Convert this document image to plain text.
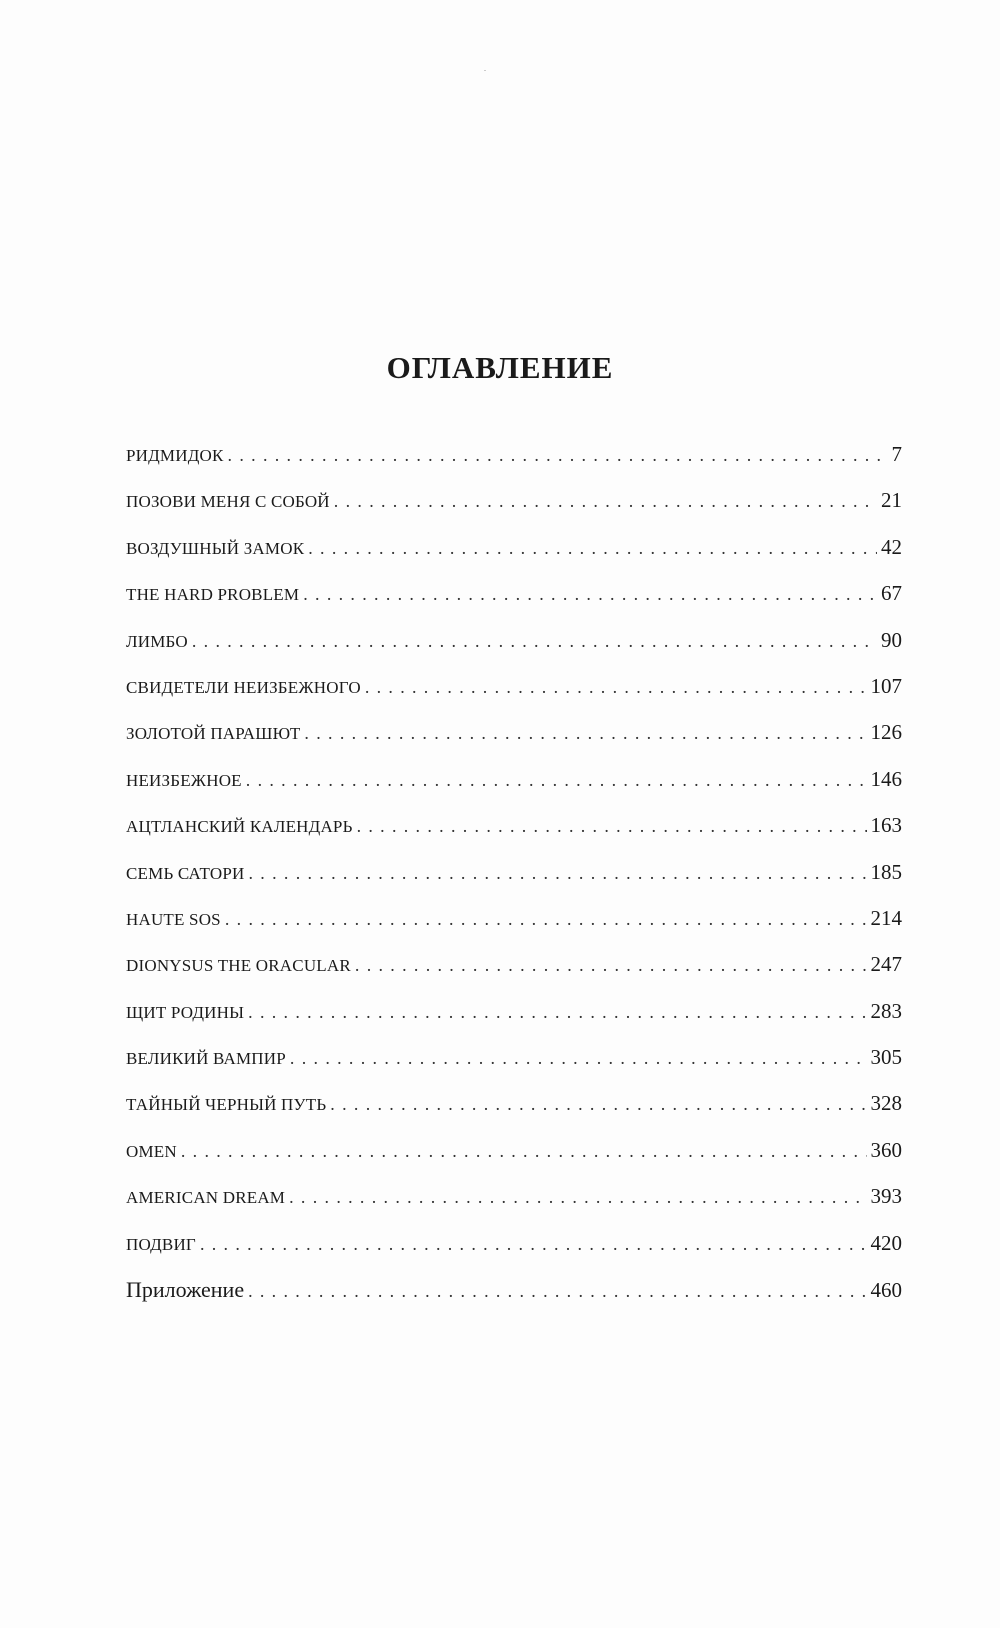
ОГЛАВЛЕНИЕ
РИДМИДОК . . .	7
ПОЗОВИ МЕНЯ С СОБОЙ . . .	21
ВОЗДУШНЫЙ ЗАМОК . . .	42
THE HARD PROBLEM . . .	67
ЛИМБО . . .	90
СВИДЕТЕЛИ НЕИЗБЕЖНОГО . . .	107
ЗОЛОТОЙ ПАРАШЮТ . . .	126
НЕИЗБЕЖНОЕ . . .	146
АЦТЛАНСКИЙ КАЛЕНДАРЬ . . .	163
СЕМЬ САТОРИ . . .	185
HAUTE SOS . . .	214
DIONYSUS THE ORACULAR . . .	247
ЩИТ РОДИНЫ . . .	283
ВЕЛИКИЙ ВАМПИР . . .	305
ТАЙНЫЙ ЧЕРНЫЙ ПУТЬ . . .	328
OMEN . . .	360
AMERICAN DREAM . . .	393
ПОДВИГ . . .	420
Приложение . . .	460
